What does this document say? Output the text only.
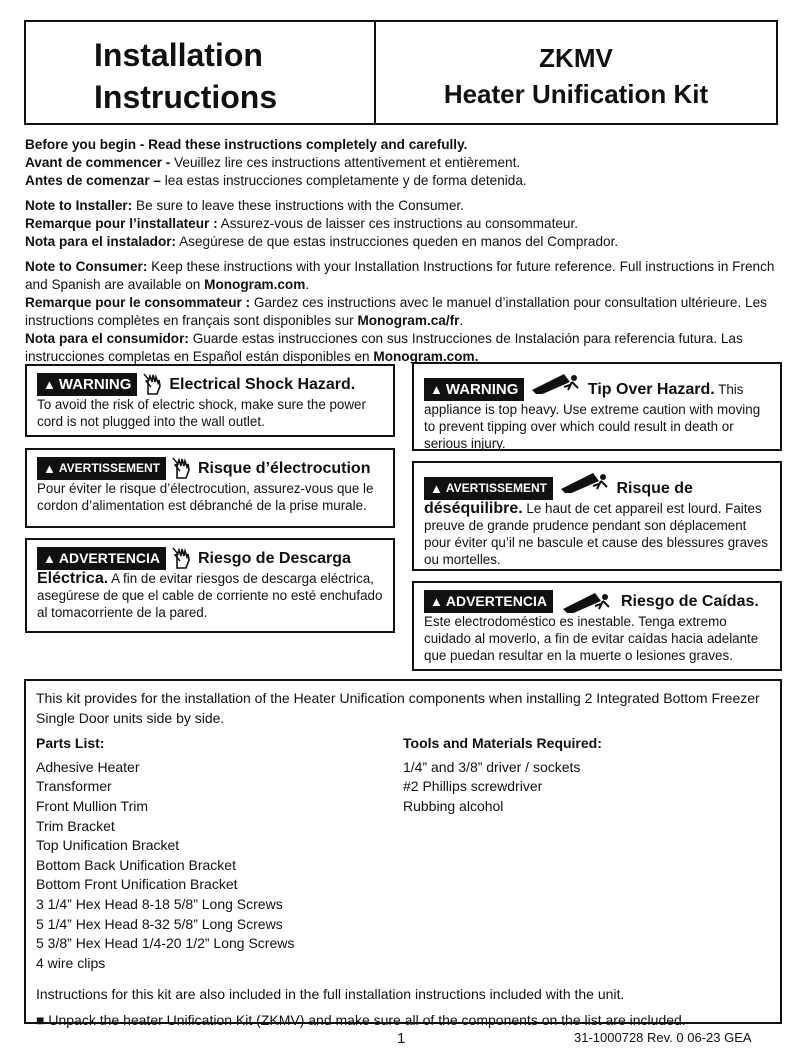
Installation
Instructions
ZKMV
Heater Unification Kit

Before you begin - Read these instructions completely and carefully.
Avant de commencer - Veuillez lire ces instructions attentivement et entièrement.
Antes de comenzar – lea estas instrucciones completamente y de forma detenida.

Note to Installer: Be sure to leave these instructions with the Consumer.
Remarque pour l’installateur : Assurez-vous de laisser ces instructions au consommateur.
Nota para el instalador: Asegúrese de que estas instrucciones queden en manos del Comprador.

Note to Consumer: Keep these instructions with your Installation Instructions for future reference. Full instructions in French and Spanish are available on Monogram.com.
Remarque pour le consommateur : Gardez ces instructions avec le manuel d’installation pour consultation ultérieure. Les instructions complètes en français sont disponibles sur Monogram.ca/fr.
Nota para el consumidor: Guarde estas instrucciones con sus Instrucciones de Instalación para referencia futura. Las instrucciones completas en Español están disponibles en Monogram.com.

▲ WARNING Electrical Shock Hazard.
To avoid the risk of electric shock, make sure the power cord is not plugged into the wall outlet.
▲ AVERTISSEMENT Risque d’électrocution
Pour éviter le risque d’électrocution, assurez-vous que le cordon d’alimentation est débranché de la prise murale.
▲ ADVERTENCIA Riesgo de Descarga
Eléctrica. A fin de evitar riesgos de descarga eléctrica, asegúrese de que el cable de corriente no esté enchufado al tomacorriente de la pared.
▲ WARNING	Tip Over Hazard. This appliance is top heavy. Use extreme caution with moving to prevent tipping over which could result in death or serious injury.
▲ AVERTISSEMENT	Risque de
déséquilibre. Le haut de cet appareil est lourd. Faites preuve de grande prudence pendant son déplacement pour éviter qu’il ne bascule et cause des blessures graves ou mortelles.
▲ ADVERTENCIA	Riesgo de Caídas.
Este electrodoméstico es inestable. Tenga extremo cuidado al moverlo, a fin de evitar caídas hacia adelante que puedan resultar en la muerte o lesiones graves.
This kit provides for the installation of the Heater Unification components when installing 2 Integrated Bottom Freezer Single Door units side by side.
Parts List:
Adhesive Heater
Transformer
Front Mullion Trim
Trim Bracket
Top Unification Bracket
Bottom Back Unification Bracket
Bottom Front Unification Bracket
3 1/4” Hex Head 8-18 5/8” Long Screws
5 1/4” Hex Head 8-32 5/8” Long Screws
5 3/8” Hex Head 1/4-20 1/2” Long Screws
4 wire clips
Tools and Materials Required:
1/4” and 3/8” driver / sockets
#2 Phillips screwdriver
Rubbing alcohol
Instructions for this kit are also included in the full installation instructions included with the unit.
■ Unpack the heater Unification Kit (ZKMV) and make sure all of the components on the list are included.
1	31-1000728 Rev. 0 06-23 GEA
